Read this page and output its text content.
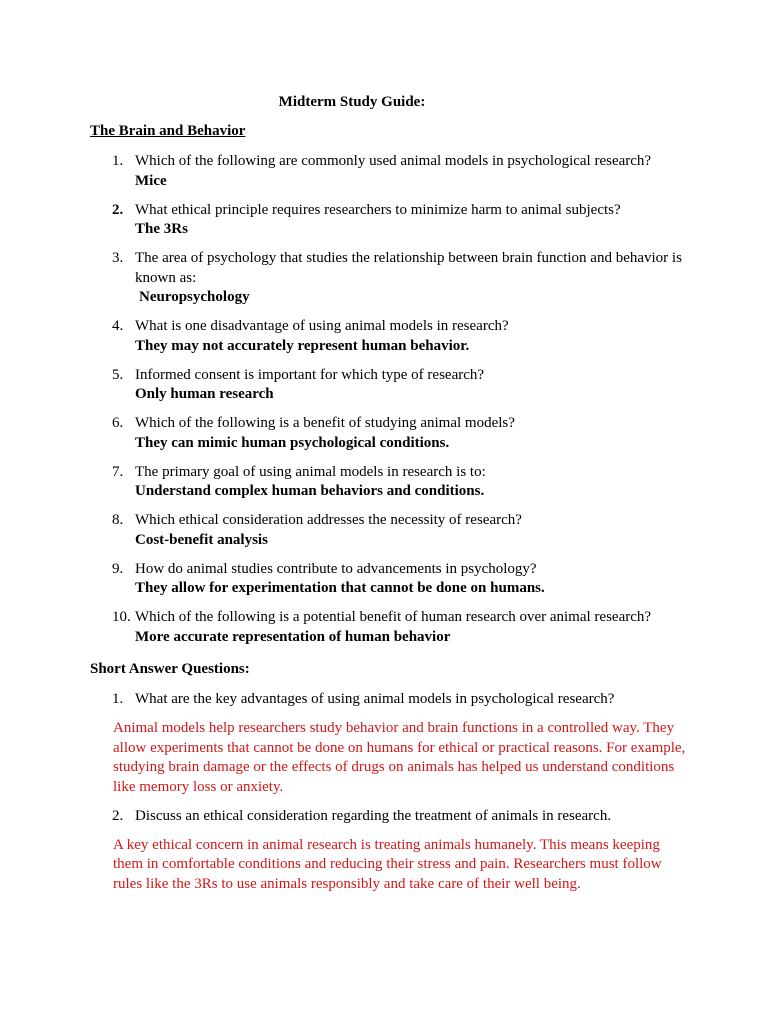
Midterm Study Guide:
The Brain and Behavior
1. Which of the following are commonly used animal models in psychological research?
Mice
2. What ethical principle requires researchers to minimize harm to animal subjects?
The 3Rs
3. The area of psychology that studies the relationship between brain function and behavior is known as:
Neuropsychology
4. What is one disadvantage of using animal models in research?
They may not accurately represent human behavior.
5. Informed consent is important for which type of research?
Only human research
6. Which of the following is a benefit of studying animal models?
They can mimic human psychological conditions.
7. The primary goal of using animal models in research is to:
Understand complex human behaviors and conditions.
8. Which ethical consideration addresses the necessity of research?
Cost-benefit analysis
9. How do animal studies contribute to advancements in psychology?
They allow for experimentation that cannot be done on humans.
10. Which of the following is a potential benefit of human research over animal research?
More accurate representation of human behavior
Short Answer Questions:
1. What are the key advantages of using animal models in psychological research?
Animal models help researchers study behavior and brain functions in a controlled way. They allow experiments that cannot be done on humans for ethical or practical reasons. For example, studying brain damage or the effects of drugs on animals has helped us understand conditions like memory loss or anxiety.
2. Discuss an ethical consideration regarding the treatment of animals in research.
A key ethical concern in animal research is treating animals humanely. This means keeping them in comfortable conditions and reducing their stress and pain. Researchers must follow rules like the 3Rs to use animals responsibly and take care of their well being.
